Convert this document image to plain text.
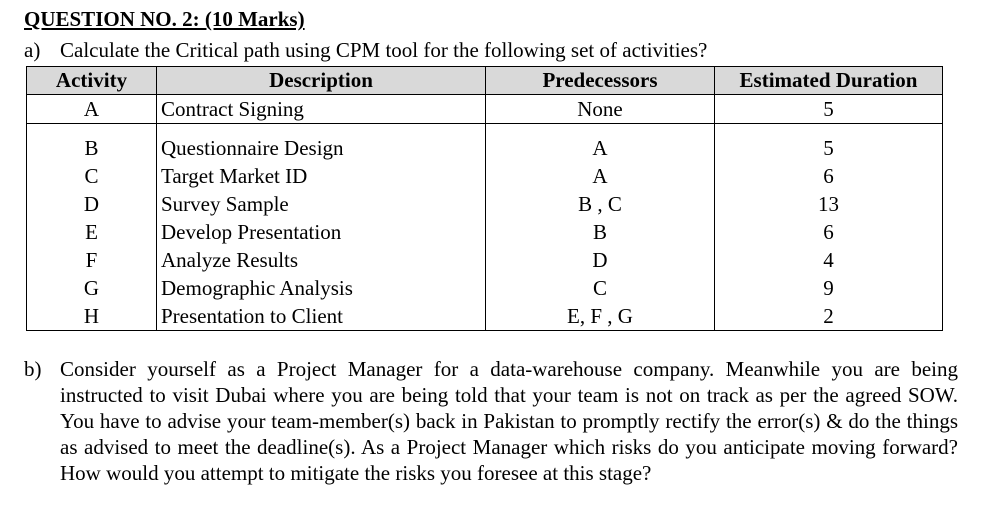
QUESTION NO. 2: (10 Marks)
a) Calculate the Critical path using CPM tool for the following set of activities?
Activity	Description	Predecessors	Estimated Duration
A	Contract Signing	None	5

B	Questionnaire Design	A	5
C	Target Market ID	A	6
D	Survey Sample	B , C	13
E	Develop Presentation	B	6
F	Analyze Results	D	4
G	Demographic Analysis	C	9
H	Presentation to Client	E, F , G	2
b) Consider yourself as a Project Manager for a data-warehouse company. Meanwhile you are being instructed to visit Dubai where you are being told that your team is not on track as per the agreed SOW. You have to advise your team-member(s) back in Pakistan to promptly rectify the error(s) & do the things as advised to meet the deadline(s). As a Project Manager which risks do you anticipate moving forward? How would you attempt to mitigate the risks you foresee at this stage?
